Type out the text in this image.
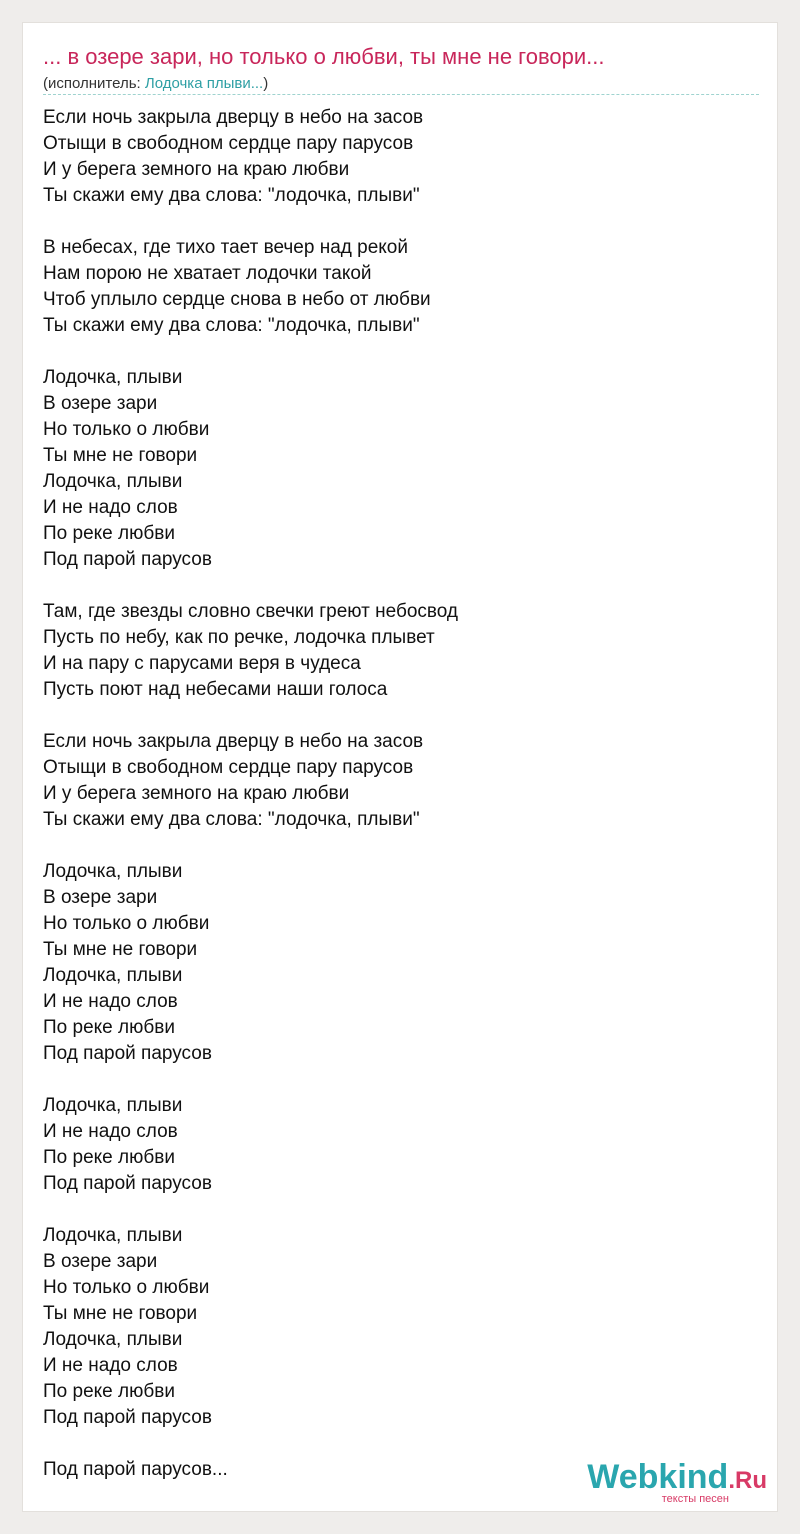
... в озере зари, но только о любви, ты мне не говори...
(исполнитель: Лодочка плыви...)
Если ночь закрыла дверцу в небо на засов
Отыщи в свободном сердце пару парусов
И у берега земного на краю любви
Ты скажи ему два слова: "лодочка, плыви"
В небесах, где тихо тает вечер над рекой
Нам порою не хватает лодочки такой
Чтоб уплыло сердце снова в небо от любви
Ты скажи ему два слова: "лодочка, плыви"
Лодочка, плыви
В озере зари
Но только о любви
Ты мне не говори
Лодочка, плыви
И не надо слов
По реке любви
Под парой парусов
Там, где звезды словно свечки греют небосвод
Пусть по небу, как по речке, лодочка плывет
И на пару с парусами веря в чудеса
Пусть поют над небесами наши голоса
Если ночь закрыла дверцу в небо на засов
Отыщи в свободном сердце пару парусов
И у берега земного на краю любви
Ты скажи ему два слова: "лодочка, плыви"
Лодочка, плыви
В озере зари
Но только о любви
Ты мне не говори
Лодочка, плыви
И не надо слов
По реке любви
Под парой парусов
Лодочка, плыви
И не надо слов
По реке любви
Под парой парусов
Лодочка, плыви
В озере зари
Но только о любви
Ты мне не говори
Лодочка, плыви
И не надо слов
По реке любви
Под парой парусов
Под парой парусов...	Webkind.Ru
тексты песен
